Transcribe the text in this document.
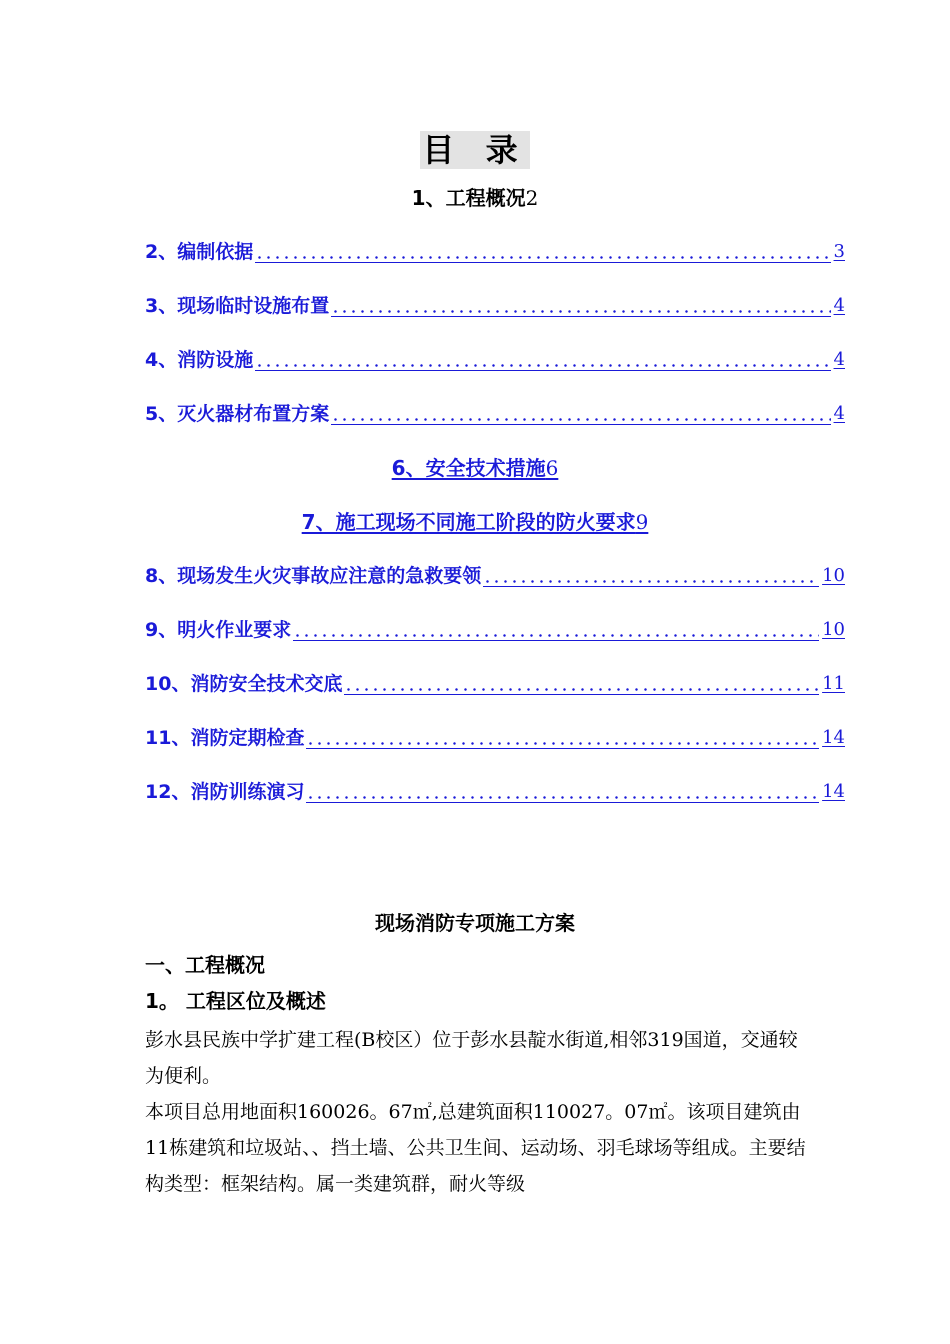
目 录
1、工程概况2
2、编制依据	3
3、现场临时设施布置	4
4、消防设施	4
5、灭火器材布置方案	4
6、安全技术措施6
7、施工现场不同施工阶段的防火要求9
8、现场发生火灾事故应注意的急救要领	10
9、明火作业要求	10
10、消防安全技术交底	11
11、消防定期检查	14
12、消防训练演习	14
现场消防专项施工方案
一、工程概况
1。 工程区位及概述

彭水县民族中学扩建工程(B校区）位于彭水县靛水街道,相邻319国道，交通较为便利。

本项目总用地面积160026。67㎡,总建筑面积110027。07㎡。该项目建筑由11栋建筑和垃圾站、、挡土墙、公共卫生间、运动场、羽毛球场等组成。主要结构类型：框架结构。属一类建筑群，耐火等级
